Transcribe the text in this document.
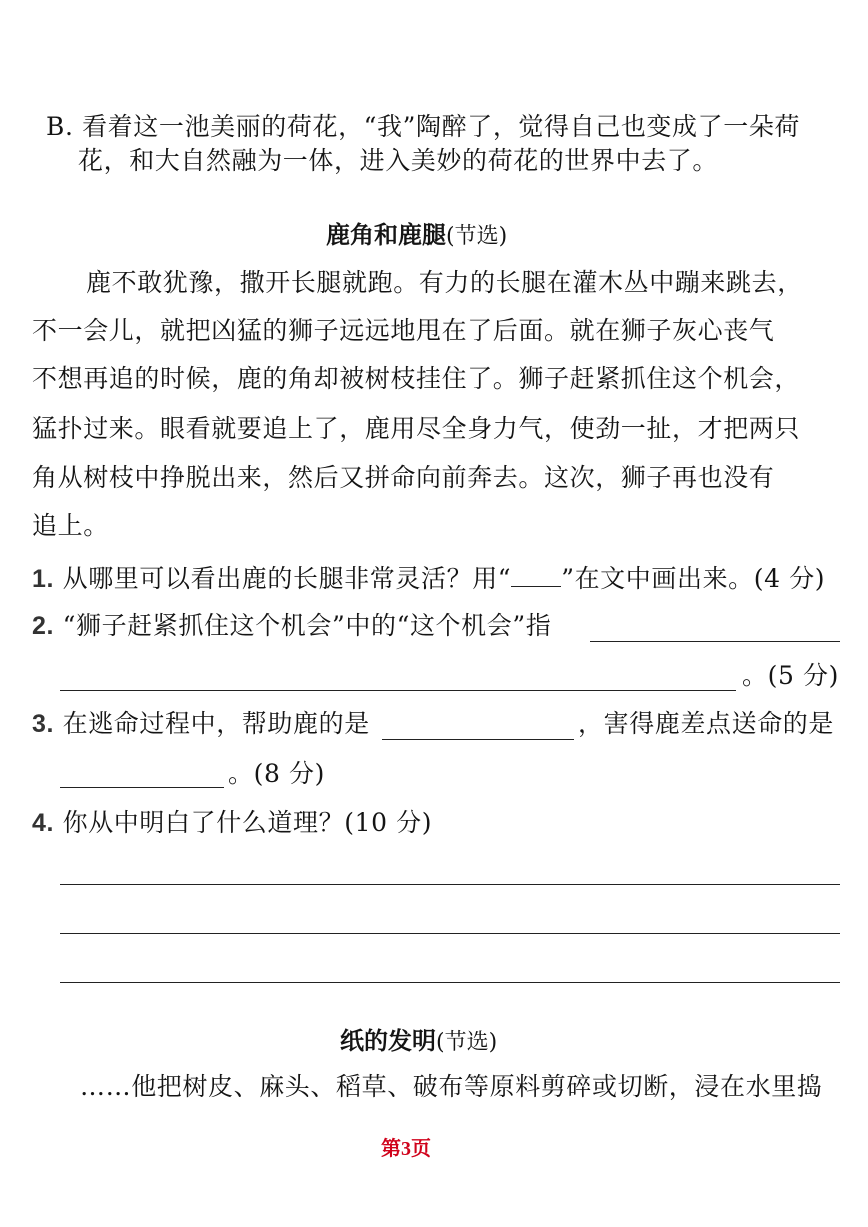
B. 看着这一池美丽的荷花，“我”陶醉了，觉得自己也变成了一朵荷
花，和大自然融为一体，进入美妙的荷花的世界中去了。
鹿角和鹿腿(节选)
鹿不敢犹豫，撒开长腿就跑。有力的长腿在灌木丛中蹦来跳去，
不一会儿，就把凶猛的狮子远远地甩在了后面。就在狮子灰心丧气
不想再追的时候，鹿的角却被树枝挂住了。狮子赶紧抓住这个机会，
猛扑过来。眼看就要追上了，鹿用尽全身力气，使劲一扯，才把两只
角从树枝中挣脱出来，然后又拼命向前奔去。这次，狮子再也没有
追上。
1. 从哪里可以看出鹿的长腿非常灵活？用“ ”在文中画出来。(4 分)
2. “狮子赶紧抓住这个机会”中的“这个机会”指
。(5 分)
3. 在逃命过程中，帮助鹿的是	，害得鹿差点送命的是
。(8 分)
4. 你从中明白了什么道理？(10 分)
纸的发明(节选)
……他把树皮、麻头、稻草、破布等原料剪碎或切断，浸在水里捣
第3页
